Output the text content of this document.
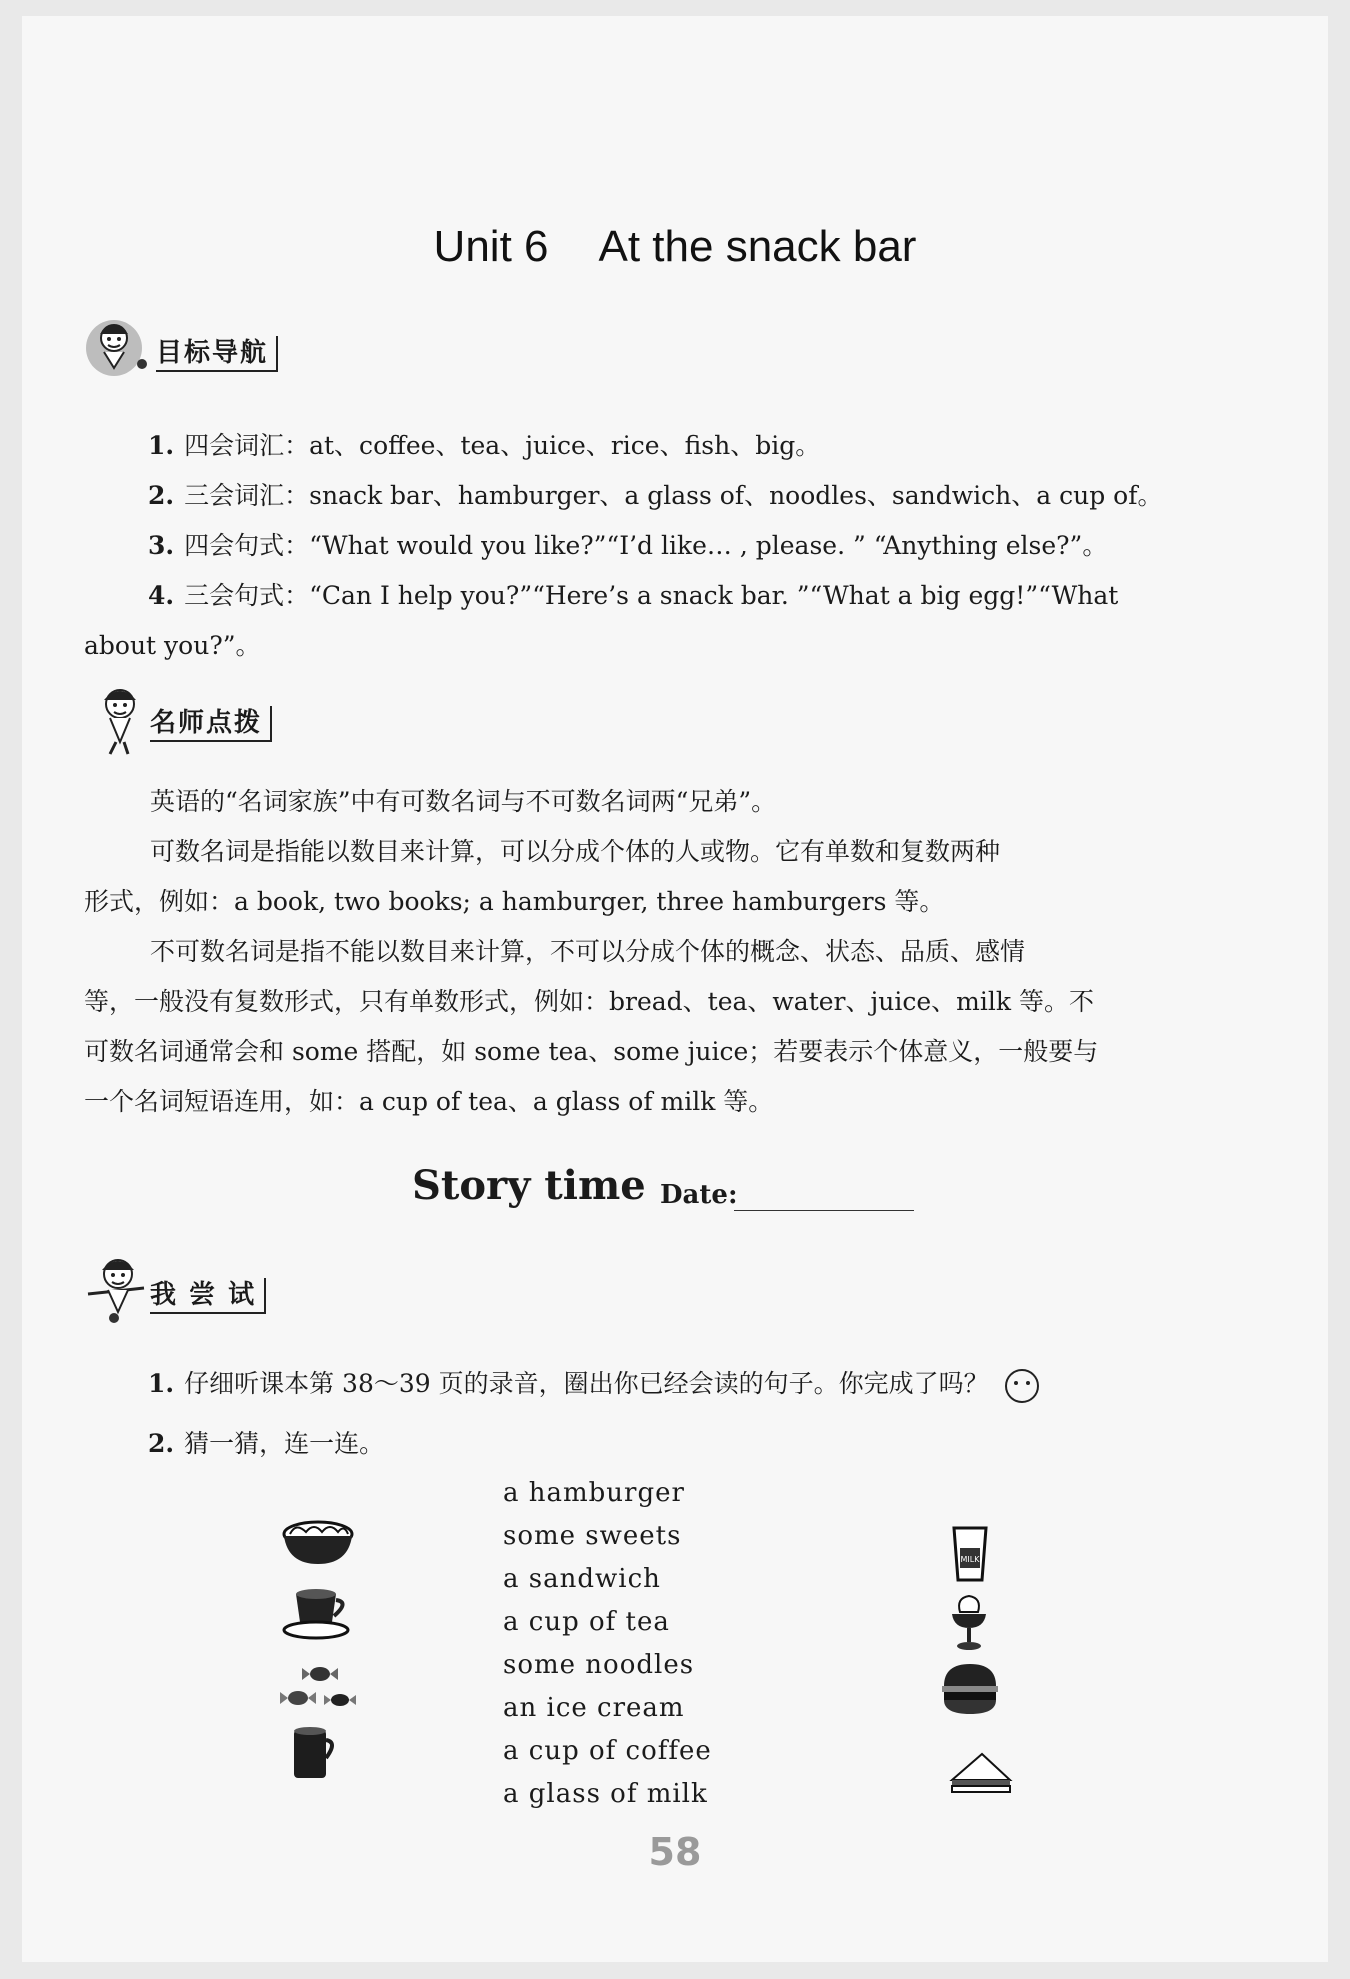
Unit 6 At the snack bar
目标导航
1. 四会词汇：at、coffee、tea、juice、rice、fish、big。
2. 三会词汇：snack bar、hamburger、a glass of、noodles、sandwich、a cup of。
3. 四会句式：“What would you like?”“I’d like… , please. ” “Anything else?”。
4. 三会句式：“Can I help you?”“Here’s a snack bar. ”“What a big egg!”“What
about you?”。
名师点拨
英语的“名词家族”中有可数名词与不可数名词两“兄弟”。
可数名词是指能以数目来计算，可以分成个体的人或物。它有单数和复数两种
形式，例如：a book, two books; a hamburger, three hamburgers 等。
不可数名词是指不能以数目来计算，不可以分成个体的概念、状态、品质、感情
等，一般没有复数形式，只有单数形式，例如：bread、tea、water、juice、milk 等。不
可数名词通常会和 some 搭配，如 some tea、some juice；若要表示个体意义，一般要与
一个名词短语连用，如：a cup of tea、a glass of milk 等。
Story time Date:
我 尝 试
1. 仔细听课本第 38～39 页的录音，圈出你已经会读的句子。你完成了吗？
2. 猜一猜，连一连。
a hamburger
some sweets
a sandwich
a cup of tea
some noodles
an ice cream
a cup of coffee
a glass of milk
MILK
58
